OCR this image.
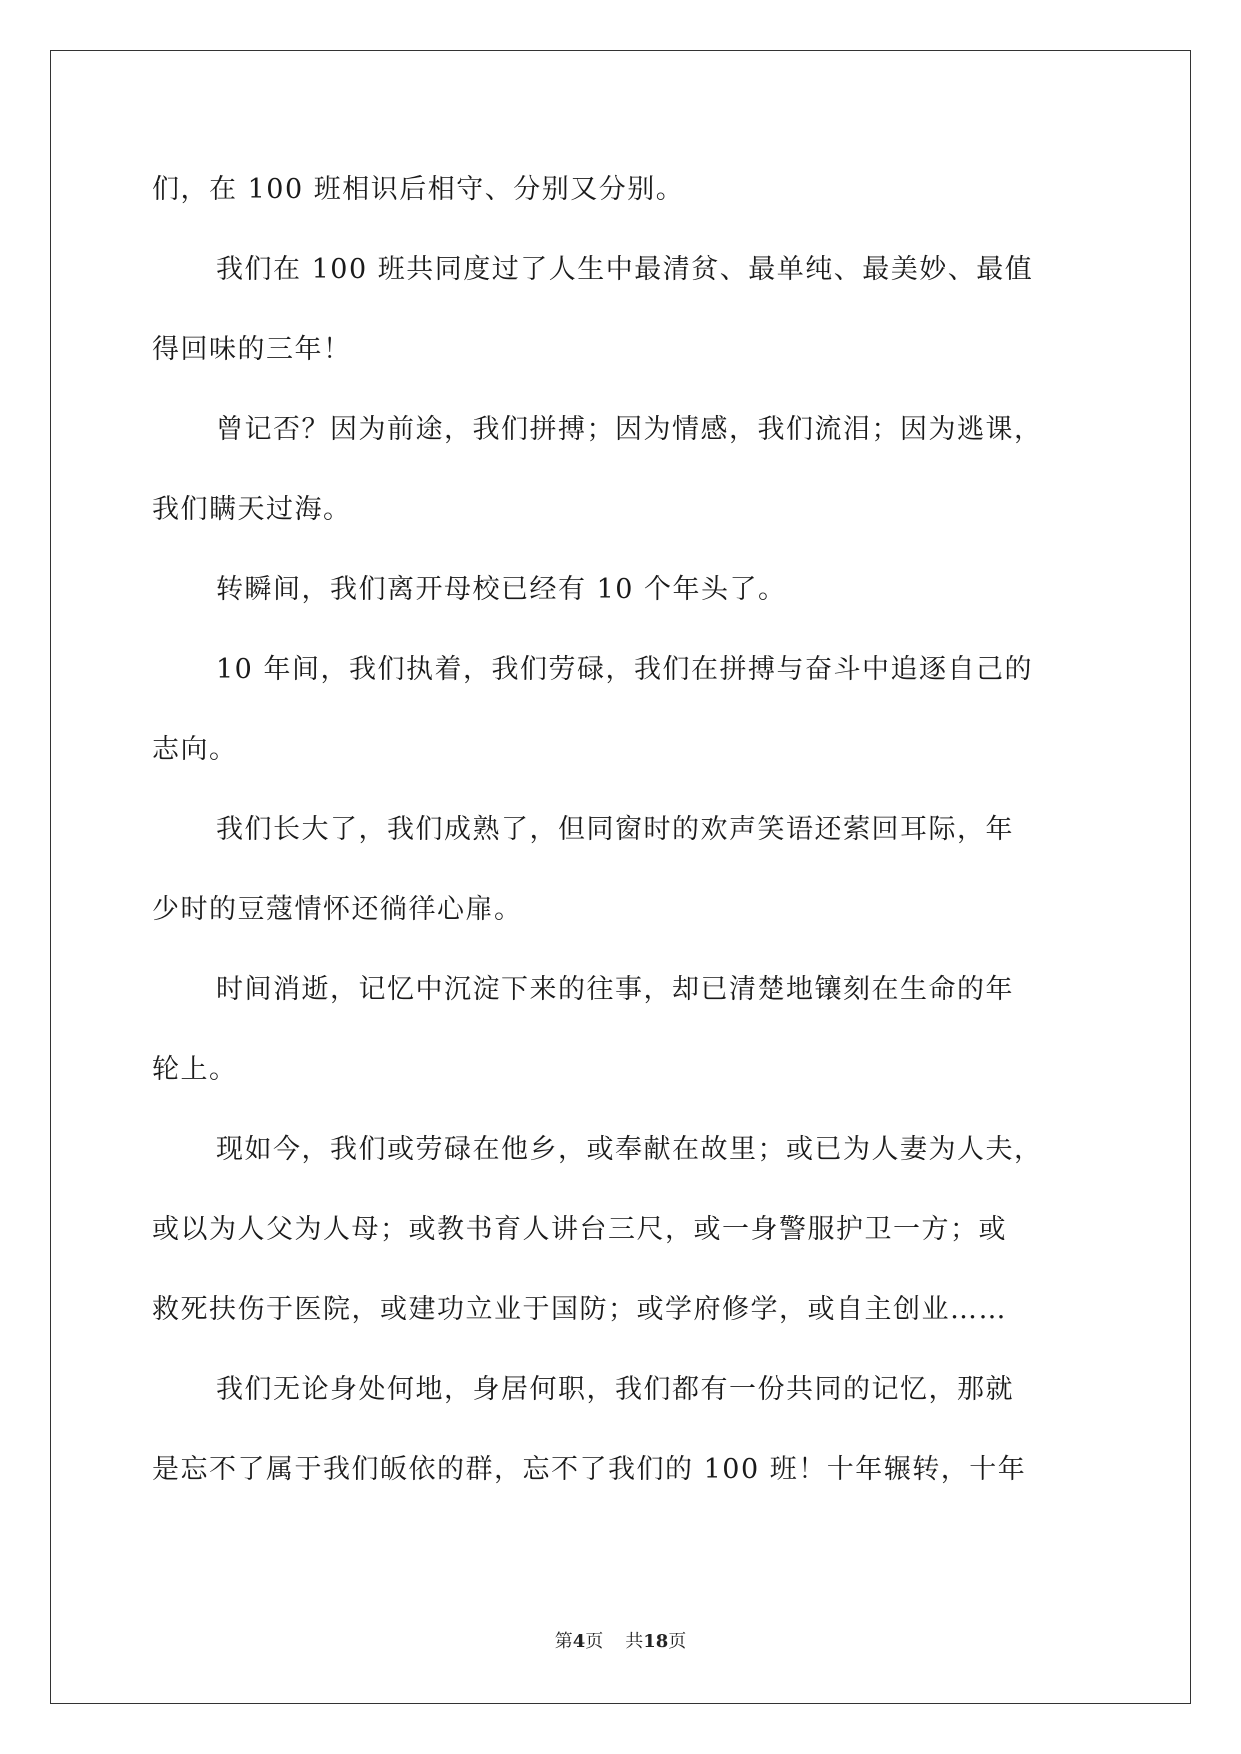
们，在 100 班相识后相守、分别又分别。

我们在 100 班共同度过了人生中最清贫、最单纯、最美妙、最值

得回味的三年！

曾记否？因为前途，我们拼搏；因为情感，我们流泪；因为逃课，

我们瞒天过海。

转瞬间，我们离开母校已经有 10 个年头了。

10 年间，我们执着，我们劳碌，我们在拼搏与奋斗中追逐自己的

志向。

我们长大了，我们成熟了，但同窗时的欢声笑语还萦回耳际，年

少时的豆蔻情怀还徜徉心扉。

时间消逝，记忆中沉淀下来的往事，却已清楚地镶刻在生命的年

轮上。

现如今，我们或劳碌在他乡，或奉献在故里；或已为人妻为人夫，

或以为人父为人母；或教书育人讲台三尺，或一身警服护卫一方；或

救死扶伤于医院，或建功立业于国防；或学府修学，或自主创业……

我们无论身处何地，身居何职，我们都有一份共同的记忆，那就

是忘不了属于我们皈依的群，忘不了我们的 100 班！十年辗转，十年

第4页 共18页
